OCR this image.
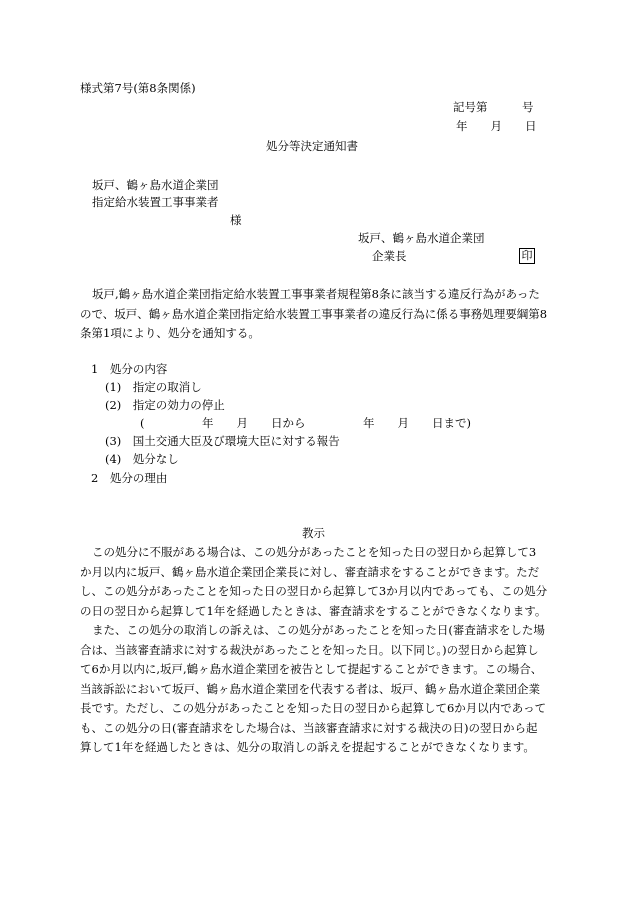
様式第7号(第8条関係)
記号第　　　号
年　　月　　日
処分等決定通知書
坂戸、鶴ヶ島水道企業団
指定給水装置工事事業者
様
坂戸、鶴ヶ島水道企業団
企業長	印
坂戸,鶴ヶ島水道企業団指定給水装置工事事業者規程第8条に該当する違反行為があった
ので、坂戸、鶴ヶ島水道企業団指定給水装置工事事業者の違反行為に係る事務処理要綱第8
条第1項により、処分を通知する。
1　処分の内容
(1)　指定の取消し
(2)　指定の効力の停止
(　　　　　年　　月　　日から　　　　　年　　月　　日まで)
(3)　国土交通大臣及び環境大臣に対する報告
(4)　処分なし
2　処分の理由
教示
この処分に不服がある場合は、この処分があったことを知った日の翌日から起算して3
か月以内に坂戸、鶴ヶ島水道企業団企業長に対し、審査請求をすることができます。ただ
し、この処分があったことを知った日の翌日から起算して3か月以内であっても、この処分
の日の翌日から起算して1年を経過したときは、審査請求をすることができなくなります。
また、この処分の取消しの訴えは、この処分があったことを知った日(審査請求をした場
合は、当該審査請求に対する裁決があったことを知った日。以下同じ。)の翌日から起算し
て6か月以内に,坂戸,鶴ヶ島水道企業団を被告として提起することができます。この場合、
当該訴訟において坂戸、鶴ヶ島水道企業団を代表する者は、坂戸、鶴ヶ島水道企業団企業
長です。ただし、この処分があったことを知った日の翌日から起算して6か月以内であって
も、この処分の日(審査請求をした場合は、当該審査請求に対する裁決の日)の翌日から起
算して1年を経過したときは、処分の取消しの訴えを提起することができなくなります。
